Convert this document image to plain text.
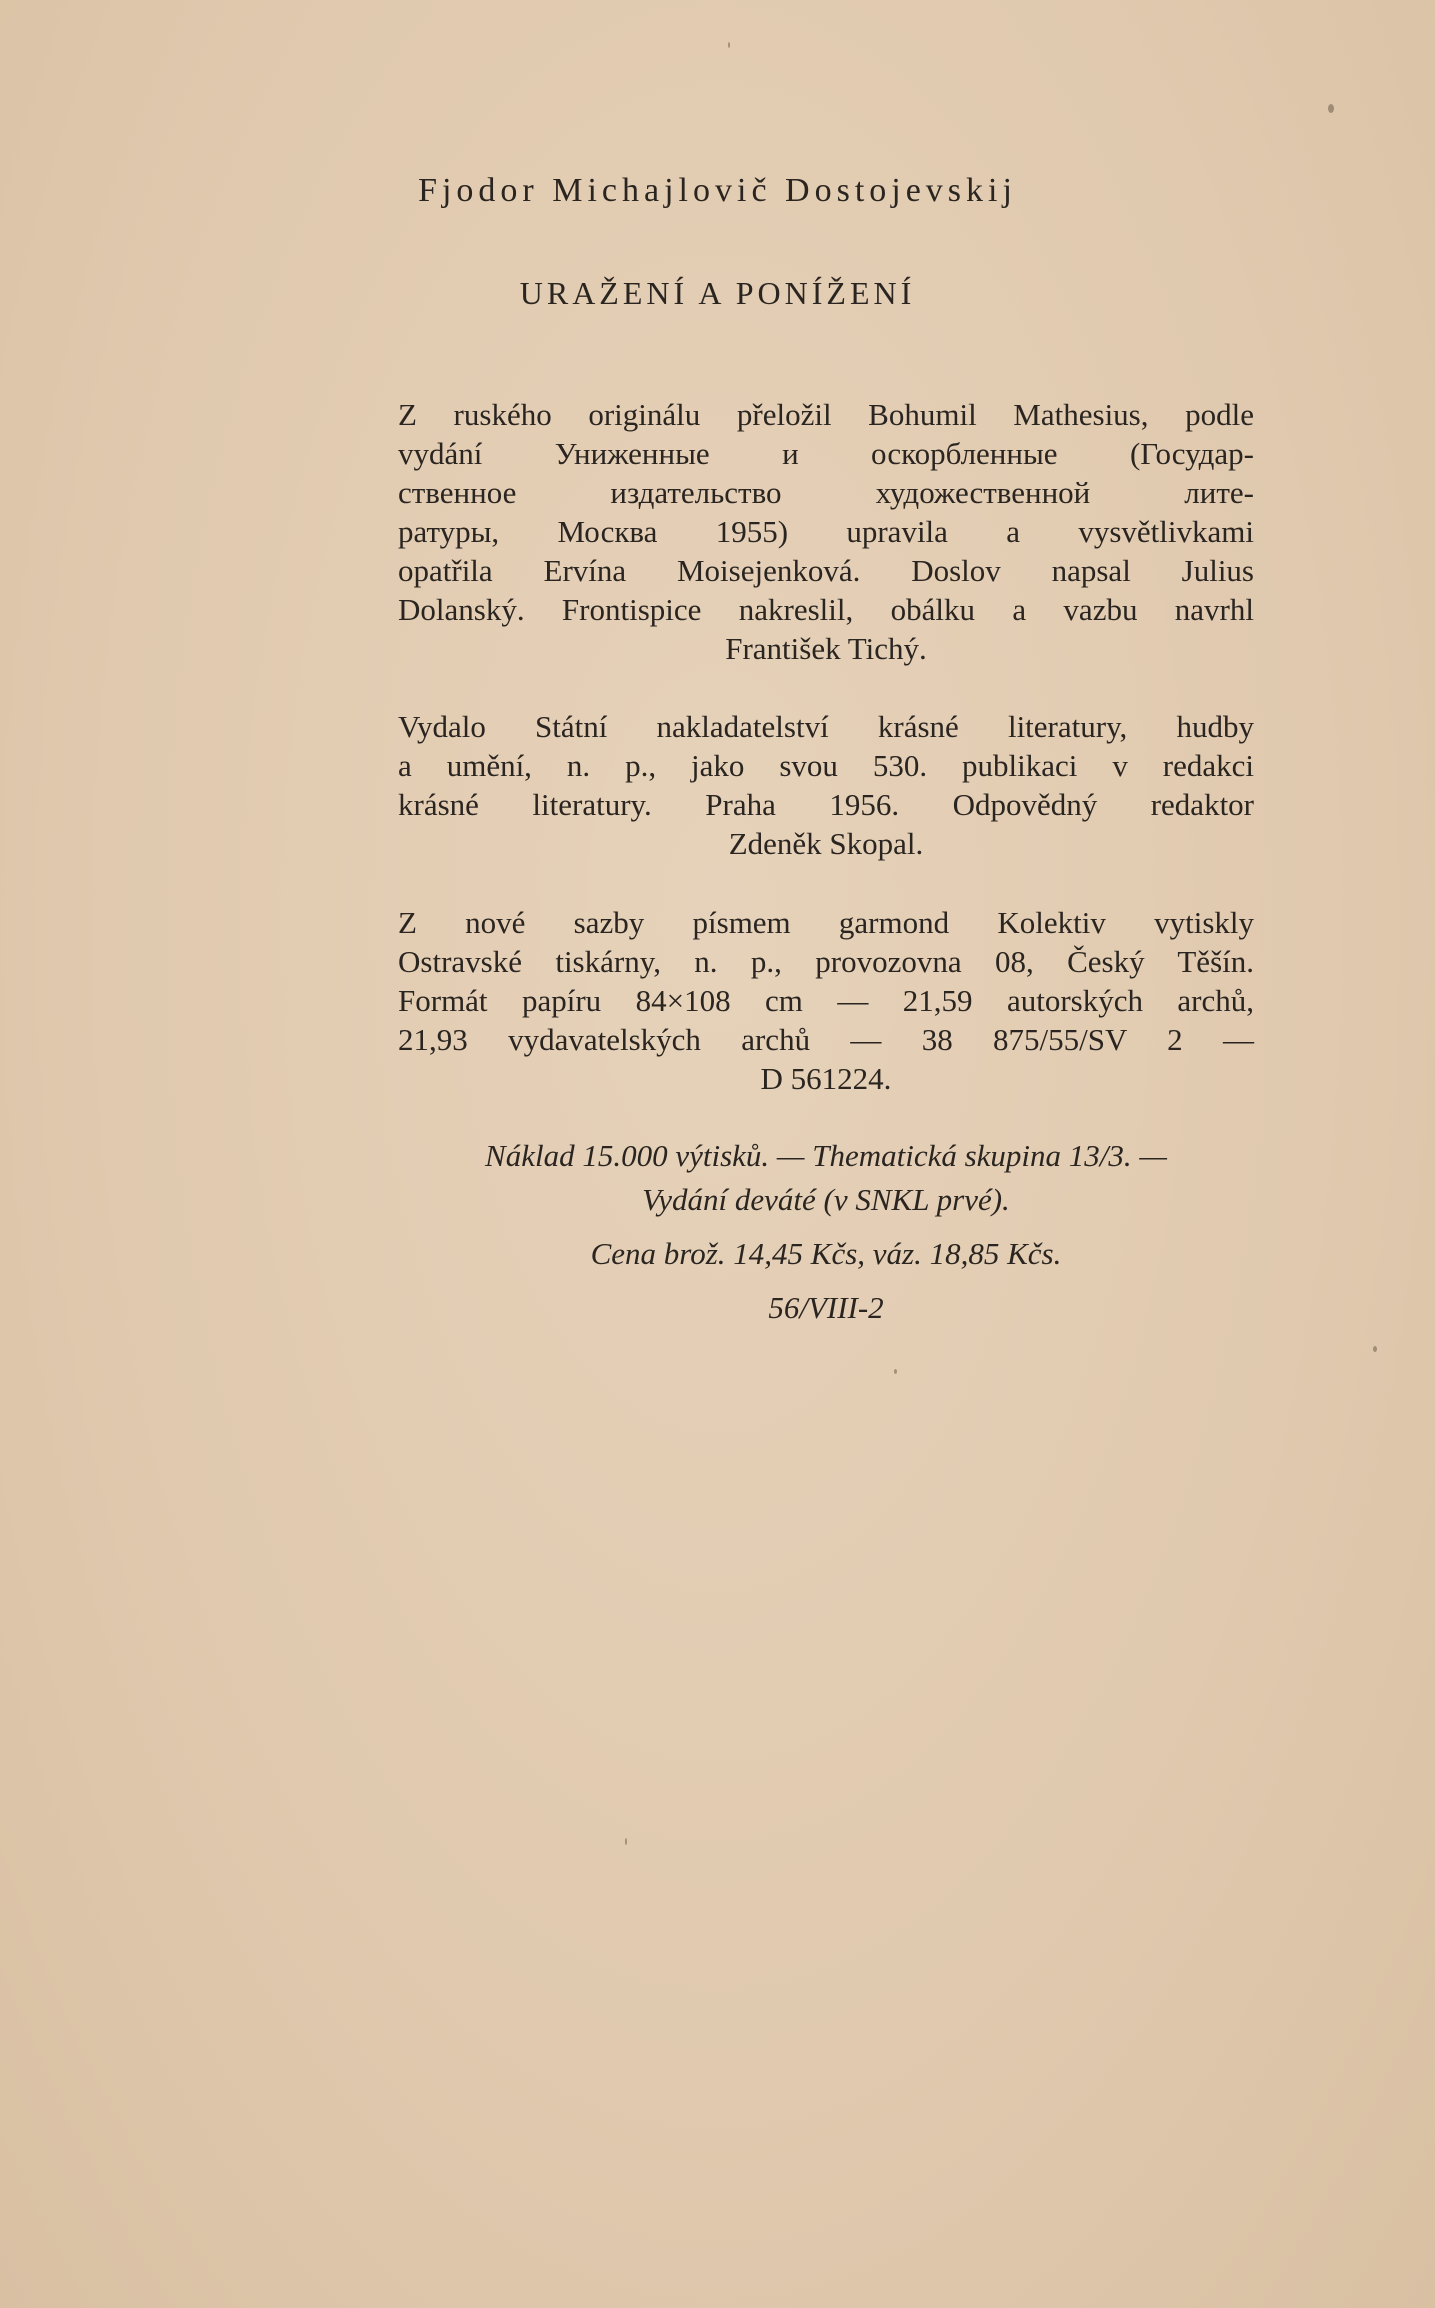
Fjodor Michajlovič Dostojevskij
URAŽENÍ A PONÍŽENÍ
Z ruského originálu přeložil Bohumil Mathesius, podle
vydání Униженные и оскорбленные (Государ-
ственное издательство художественной лите-
ратуры, Москва 1955) upravila a vysvětlivkami
opatřila Ervína Moisejenková. Doslov napsal Julius
Dolanský. Frontispice nakreslil, obálku a vazbu navrhl
František Tichý.
Vydalo Státní nakladatelství krásné literatury, hudby
a umění, n. p., jako svou 530. publikaci v redakci
krásné literatury. Praha 1956. Odpovědný redaktor
Zdeněk Skopal.
Z nové sazby písmem garmond Kolektiv vytiskly
Ostravské tiskárny, n. p., provozovna 08, Český Těšín.
Formát papíru 84×108 cm — 21,59 autorských archů,
21,93 vydavatelských archů — 38 875/55/SV 2 —
D 561224.
Náklad 15.000 výtisků. — Thematická skupina 13/3. —
Vydání deváté (v SNKL prvé).
Cena brož. 14,45 Kčs, váz. 18,85 Kčs.
56/VIII-2
